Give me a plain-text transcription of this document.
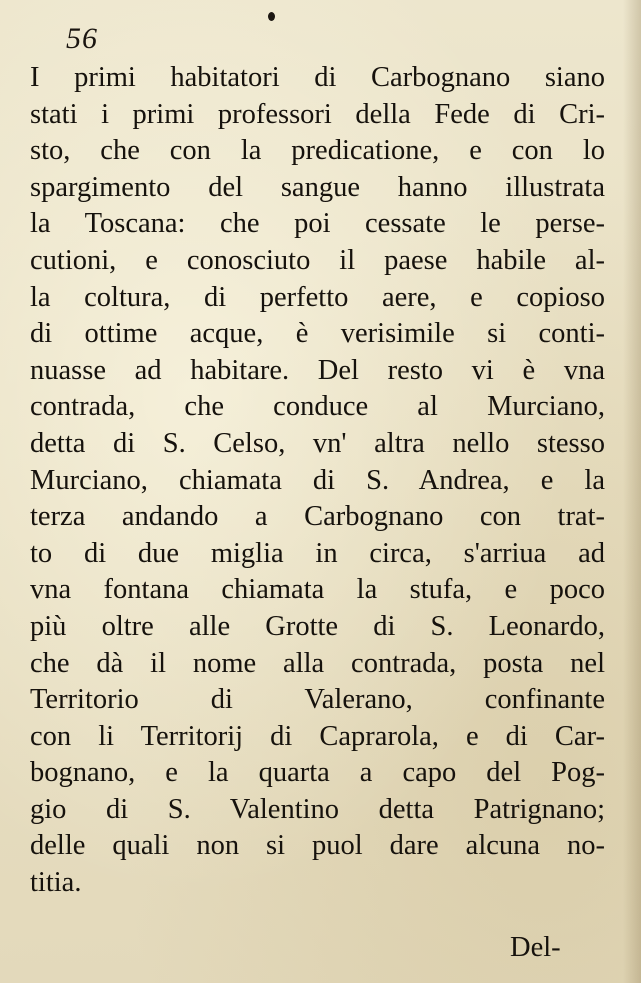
56
I primi habitatori di Carbognano siano
stati i primi professori della Fede di Cri-
sto, che con la predicatione, e con lo
spargimento del sangue hanno illustrata
la Toscana: che poi cessate le perse-
cutioni, e conosciuto il paese habile al-
la coltura, di perfetto aere, e copioso
di ottime acque, è verisimile si conti-
nuasse ad habitare. Del resto vi è vna
contrada, che conduce al Murciano,
detta di S. Celso, vn' altra nello stesso
Murciano, chiamata di S. Andrea, e la
terza andando a Carbognano con trat-
to di due miglia in circa, s'arriua ad
vna fontana chiamata la stufa, e poco
più oltre alle Grotte di S. Leonardo,
che dà il nome alla contrada, posta nel
Territorio di Valerano, confinante
con li Territorij di Caprarola, e di Car-
bognano, e la quarta a capo del Pog-
gio di S. Valentino detta Patrignano;
delle quali non si puol dare alcuna no-
titia.
Del-
